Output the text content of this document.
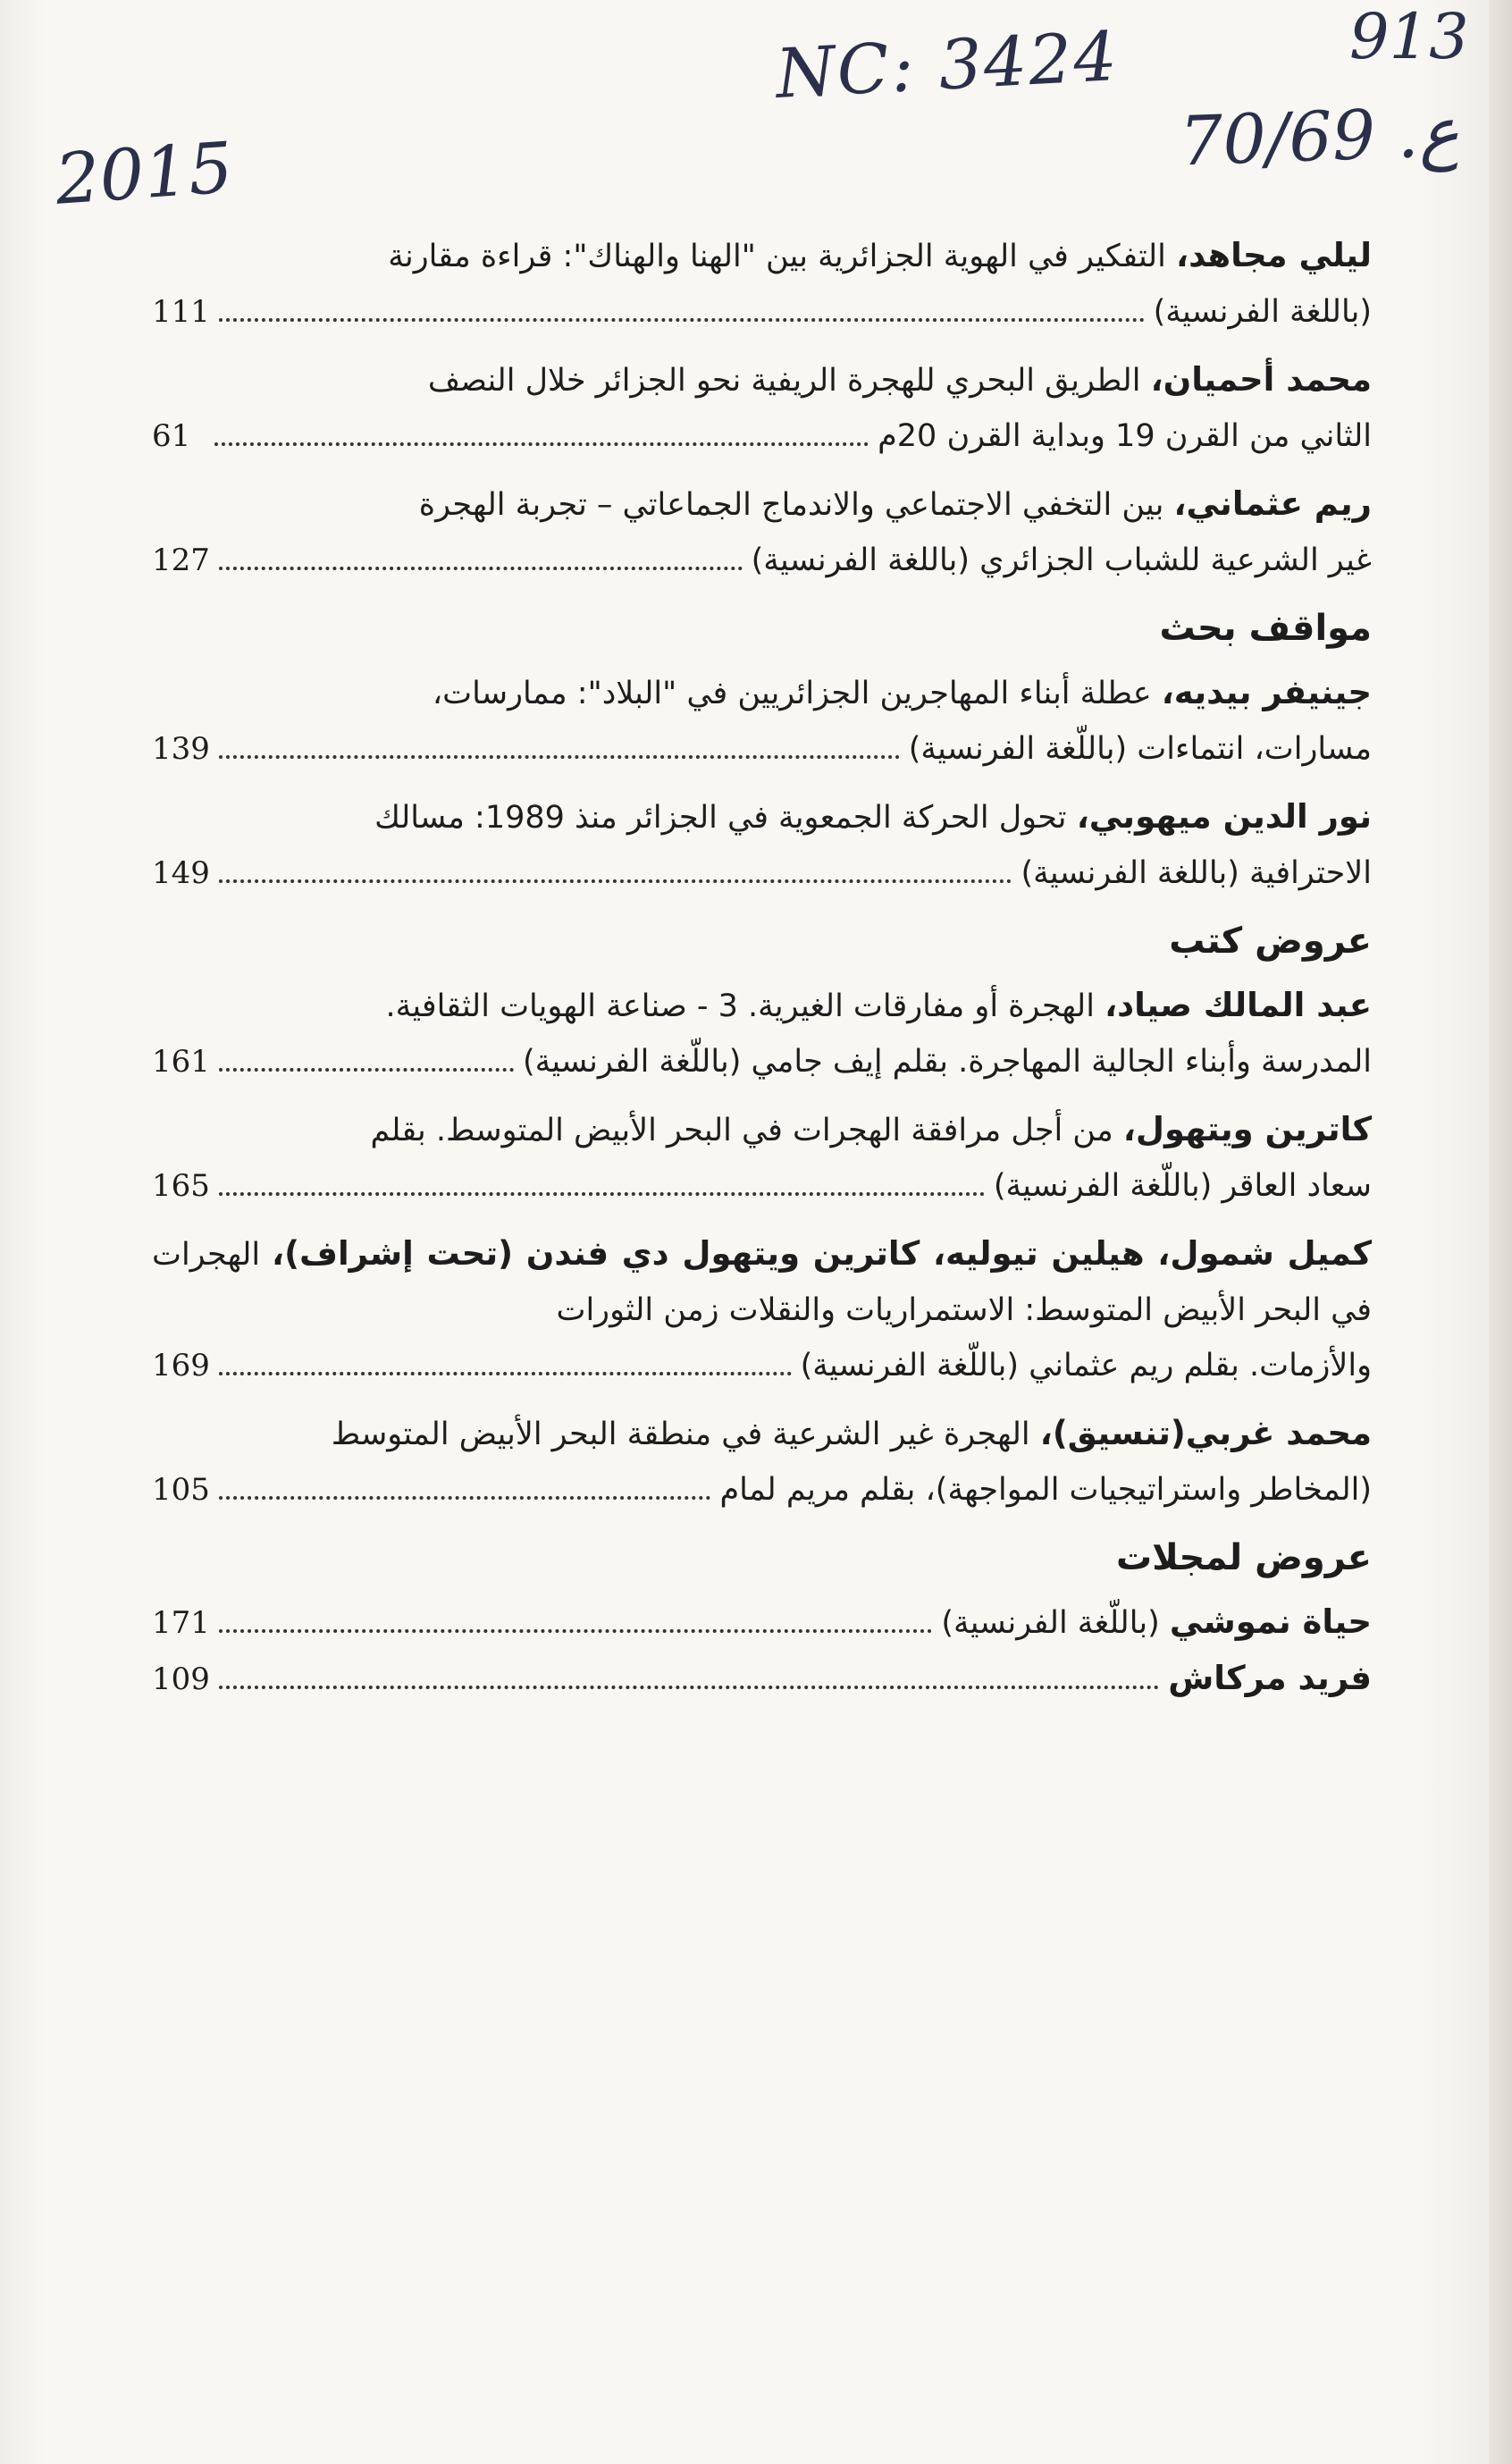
2015
NC: 3424	913
ع. 70/69
ليلي مجاهد، التفكير في الهوية الجزائرية بين "الهنا والهناك": قراءة مقارنة
(باللغة الفرنسية)
111
محمد أحميان، الطريق البحري للهجرة الريفية نحو الجزائر خلال النصف
الثاني من القرن 19 وبداية القرن 20م
61
ريم عثماني، بين التخفي الاجتماعي والاندماج الجماعاتي – تجربة الهجرة
غير الشرعية للشباب الجزائري (باللغة الفرنسية)
127
مواقف بحث
جينيفر بيديه، عطلة أبناء المهاجرين الجزائريين في "البلاد": ممارسات،
مسارات، انتماءات (باللّغة الفرنسية)
139
نور الدين ميهوبي، تحول الحركة الجمعوية في الجزائر منذ 1989: مسالك
الاحترافية (باللغة الفرنسية)
149
عروض كتب
عبد المالك صياد، الهجرة أو مفارقات الغيرية. 3 - صناعة الهويات الثقافية.
المدرسة وأبناء الجالية المهاجرة. بقلم إيف جامي (باللّغة الفرنسية)
161
كاترين ويتهول، من أجل مرافقة الهجرات في البحر الأبيض المتوسط. بقلم
سعاد العاقر (باللّغة الفرنسية)
165
كميل شمول، هيلين تيوليه، كاترين ويتهول دي فندن (تحت إشراف)، الهجرات في البحر الأبيض المتوسط: الاستمراريات والنقلات زمن الثورات
والأزمات. بقلم ريم عثماني (باللّغة الفرنسية)
169
محمد غربي(تنسيق)، الهجرة غير الشرعية في منطقة البحر الأبيض المتوسط
(المخاطر واستراتيجيات المواجهة)، بقلم مريم لمام
105
عروض لمجلات
حياة نموشي (باللّغة الفرنسية)
171
فريد مركاش
109
